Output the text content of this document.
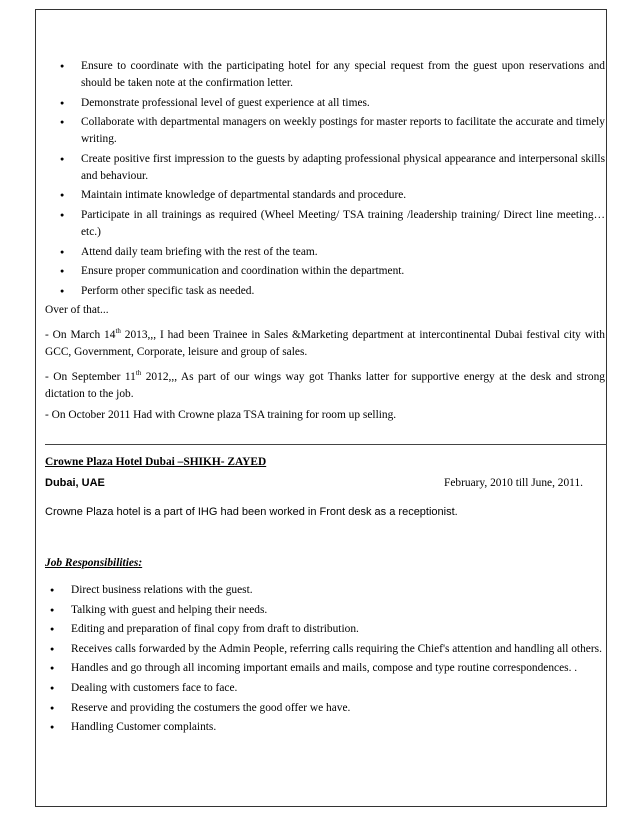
● Ensure to coordinate with the participating hotel for any special request from the guest upon reservations and should be taken note at the confirmation letter.
● Demonstrate professional level of guest experience at all times.
● Collaborate with departmental managers on weekly postings for master reports to facilitate the accurate and timely writing.
● Create positive first impression to the guests by adapting professional physical appearance and interpersonal skills and behaviour.
● Maintain intimate knowledge of departmental standards and procedure.
● Participate in all trainings as required (Wheel Meeting/ TSA training /leadership training/ Direct line meeting…etc.)
● Attend daily team briefing with the rest of the team.
● Ensure proper communication and coordination within the department.
● Perform other specific task as needed.

Over of that...

- On March 14th 2013,,, I had been Trainee in Sales &Marketing department at intercontinental Dubai festival city with GCC, Government, Corporate, leisure and group of sales.

- On September 11th 2012,,, As part of our wings way got Thanks latter for supportive energy at the desk and strong dictation to the job.

- On October 2011 Had with Crowne plaza TSA training for room up selling.

Crowne Plaza Hotel Dubai –SHIKH- ZAYED
Dubai, UAE	February, 2010 till June, 2011.
Crowne Plaza hotel is a part of IHG had been worked in Front desk as a receptionist.
Job Responsibilities:
● Direct business relations with the guest.
● Talking with guest and helping their needs.
● Editing and preparation of final copy from draft to distribution.
● Receives calls forwarded by the Admin People, referring calls requiring the Chief's attention and handling all others.
● Handles and go through all incoming important emails and mails, compose and type routine correspondences. .
● Dealing with customers face to face.
● Reserve and providing the costumers the good offer we have.
● Handling Customer complaints.
